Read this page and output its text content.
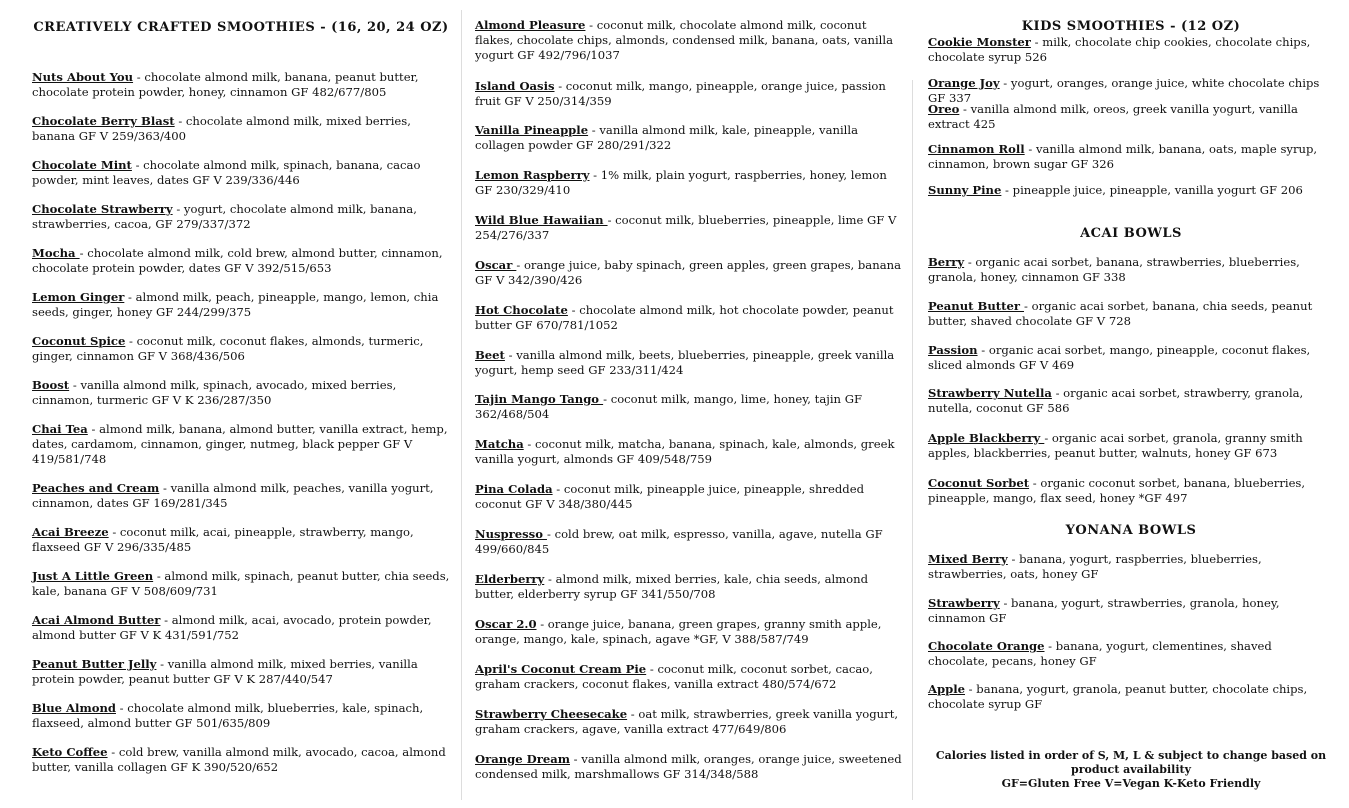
CREATIVELY CRAFTED SMOOTHIES - (16, 20, 24 OZ)

Nuts About You - chocolate almond milk, banana, peanut butter, chocolate protein powder, honey, cinnamon GF 482/677/805

Chocolate Berry Blast - chocolate almond milk, mixed berries, banana GF V 259/363/400

Chocolate Mint - chocolate almond milk, spinach, banana, cacao powder, mint leaves, dates GF V 239/336/446

Chocolate Strawberry - yogurt, chocolate almond milk, banana, strawberries, cacoa, GF 279/337/372

Mocha - chocolate almond milk, cold brew, almond butter, cinnamon, chocolate protein powder, dates GF V 392/515/653

Lemon Ginger - almond milk, peach, pineapple, mango, lemon, chia seeds, ginger, honey GF 244/299/375

Coconut Spice - coconut milk, coconut flakes, almonds, turmeric, ginger, cinnamon GF V 368/436/506

Boost - vanilla almond milk, spinach, avocado, mixed berries, cinnamon, turmeric GF V K 236/287/350

Chai Tea - almond milk, banana, almond butter, vanilla extract, hemp, dates, cardamom, cinnamon, ginger, nutmeg, black pepper GF V 419/581/748

Peaches and Cream - vanilla almond milk, peaches, vanilla yogurt, cinnamon, dates GF 169/281/345

Acai Breeze - coconut milk, acai, pineapple, strawberry, mango, flaxseed GF V 296/335/485

Just A Little Green - almond milk, spinach, peanut butter, chia seeds, kale, banana GF V 508/609/731

Acai Almond Butter - almond milk, acai, avocado, protein powder, almond butter GF V K 431/591/752

Peanut Butter Jelly - vanilla almond milk, mixed berries, vanilla protein powder, peanut butter GF V K 287/440/547

Blue Almond - chocolate almond milk, blueberries, kale, spinach, flaxseed, almond butter GF 501/635/809

Keto Coffee - cold brew, vanilla almond milk, avocado, cacoa, almond butter, vanilla collagen GF K 390/520/652

Almond Pleasure - coconut milk, chocolate almond milk, coconut flakes, chocolate chips, almonds, condensed milk, banana, oats, vanilla yogurt GF 492/796/1037

Island Oasis - coconut milk, mango, pineapple, orange juice, passion fruit GF V 250/314/359

Vanilla Pineapple - vanilla almond milk, kale, pineapple, vanilla collagen powder GF 280/291/322

Lemon Raspberry - 1% milk, plain yogurt, raspberries, honey, lemon GF 230/329/410

Wild Blue Hawaiian - coconut milk, blueberries, pineapple, lime GF V 254/276/337

Oscar - orange juice, baby spinach, green apples, green grapes, banana GF V 342/390/426

Hot Chocolate - chocolate almond milk, hot chocolate powder, peanut butter GF 670/781/1052

Beet - vanilla almond milk, beets, blueberries, pineapple, greek vanilla yogurt, hemp seed GF 233/311/424

Tajin Mango Tango - coconut milk, mango, lime, honey, tajin GF 362/468/504

Matcha - coconut milk, matcha, banana, spinach, kale, almonds, greek vanilla yogurt, almonds GF 409/548/759

Pina Colada - coconut milk, pineapple juice, pineapple, shredded coconut GF V 348/380/445

Nuspresso - cold brew, oat milk, espresso, vanilla, agave, nutella GF 499/660/845

Elderberry - almond milk, mixed berries, kale, chia seeds, almond butter, elderberry syrup GF 341/550/708

Oscar 2.0 - orange juice, banana, green grapes, granny smith apple, orange, mango, kale, spinach, agave *GF, V 388/587/749

April's Coconut Cream Pie - coconut milk, coconut sorbet, cacao, graham crackers, coconut flakes, vanilla extract 480/574/672

Strawberry Cheesecake - oat milk, strawberries, greek vanilla yogurt, graham crackers, agave, vanilla extract 477/649/806

Orange Dream - vanilla almond milk, oranges, orange juice, sweetened condensed milk, marshmallows GF 314/348/588

KIDS SMOOTHIES - (12 OZ)

Cookie Monster - milk, chocolate chip cookies, chocolate chips, chocolate syrup 526

Orange Joy - yogurt, oranges, orange juice, white chocolate chips GF 337

Oreo - vanilla almond milk, oreos, greek vanilla yogurt, vanilla extract 425

Cinnamon Roll - vanilla almond milk, banana, oats, maple syrup, cinnamon, brown sugar GF 326

Sunny Pine - pineapple juice, pineapple, vanilla yogurt GF 206

ACAI BOWLS

Berry - organic acai sorbet, banana, strawberries, blueberries, granola, honey, cinnamon GF 338

Peanut Butter - organic acai sorbet, banana, chia seeds, peanut butter, shaved chocolate GF V 728

Passion - organic acai sorbet, mango, pineapple, coconut flakes, sliced almonds GF V 469

Strawberry Nutella - organic acai sorbet, strawberry, granola, nutella, coconut GF 586

Apple Blackberry - organic acai sorbet, granola, granny smith apples, blackberries, peanut butter, walnuts, honey GF 673

Coconut Sorbet - organic coconut sorbet, banana, blueberries, pineapple, mango, flax seed, honey *GF 497

YONANA BOWLS

Mixed Berry - banana, yogurt, raspberries, blueberries, strawberries, oats, honey GF

Strawberry - banana, yogurt, strawberries, granola, honey, cinnamon GF

Chocolate Orange - banana, yogurt, clementines, shaved chocolate, pecans, honey GF

Apple - banana, yogurt, granola, peanut butter, chocolate chips, chocolate syrup GF

Calories listed in order of S, M, L & subject to change based on product availability
GF=Gluten Free V=Vegan K-Keto Friendly
